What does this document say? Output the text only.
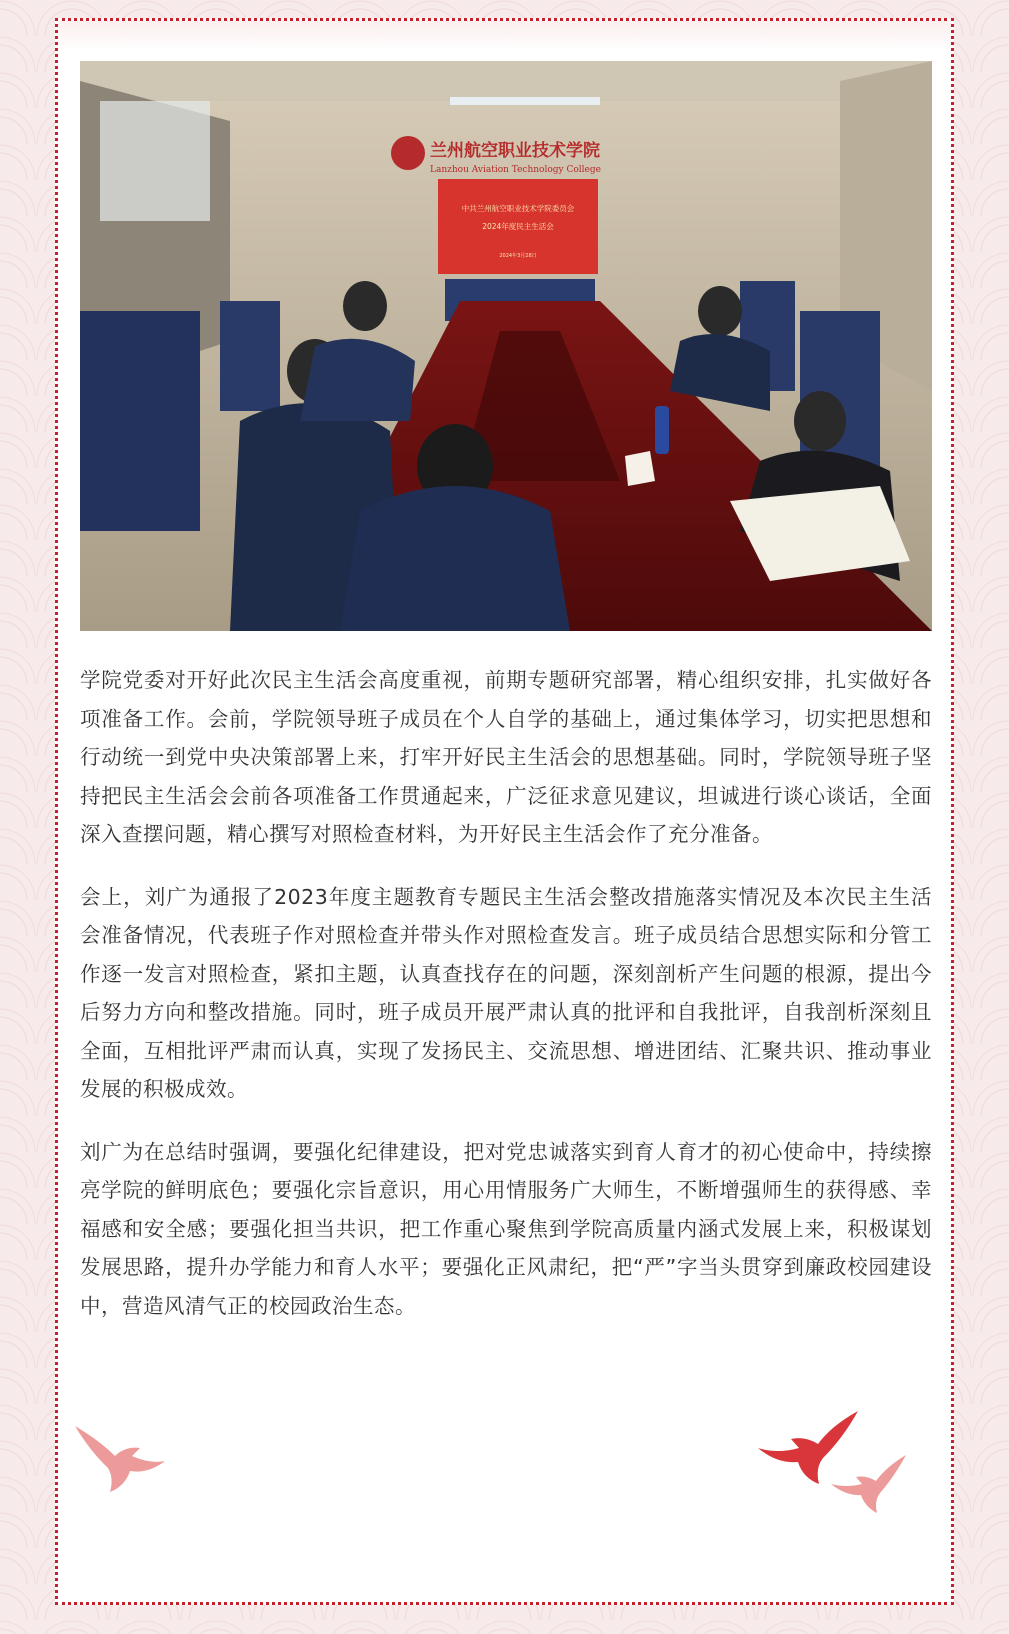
兰州航空职业技术学院
Lanzhou Aviation Technology College
中共兰州航空职业技术学院委员会
2024年度民主生活会
2024年3月28日

学院党委对开好此次民主生活会高度重视，前期专题研究部署，精心组织安排，扎实做好各项准备工作。会前，学院领导班子成员在个人自学的基础上，通过集体学习，切实把思想和行动统一到党中央决策部署上来，打牢开好民主生活会的思想基础。同时，学院领导班子坚持把民主生活会会前各项准备工作贯通起来，广泛征求意见建议，坦诚进行谈心谈话，全面深入查摆问题，精心撰写对照检查材料，为开好民主生活会作了充分准备。

会上，刘广为通报了2023年度主题教育专题民主生活会整改措施落实情况及本次民主生活会准备情况，代表班子作对照检查并带头作对照检查发言。班子成员结合思想实际和分管工作逐一发言对照检查，紧扣主题，认真查找存在的问题，深刻剖析产生问题的根源，提出今后努力方向和整改措施。同时，班子成员开展严肃认真的批评和自我批评，自我剖析深刻且全面，互相批评严肃而认真，实现了发扬民主、交流思想、增进团结、汇聚共识、推动事业发展的积极成效。

刘广为在总结时强调，要强化纪律建设，把对党忠诚落实到育人育才的初心使命中，持续擦亮学院的鲜明底色；要强化宗旨意识，用心用情服务广大师生，不断增强师生的获得感、幸福感和安全感；要强化担当共识，把工作重心聚焦到学院高质量内涵式发展上来，积极谋划发展思路，提升办学能力和育人水平；要强化正风肃纪，把“严”字当头贯穿到廉政校园建设中，营造风清气正的校园政治生态。
